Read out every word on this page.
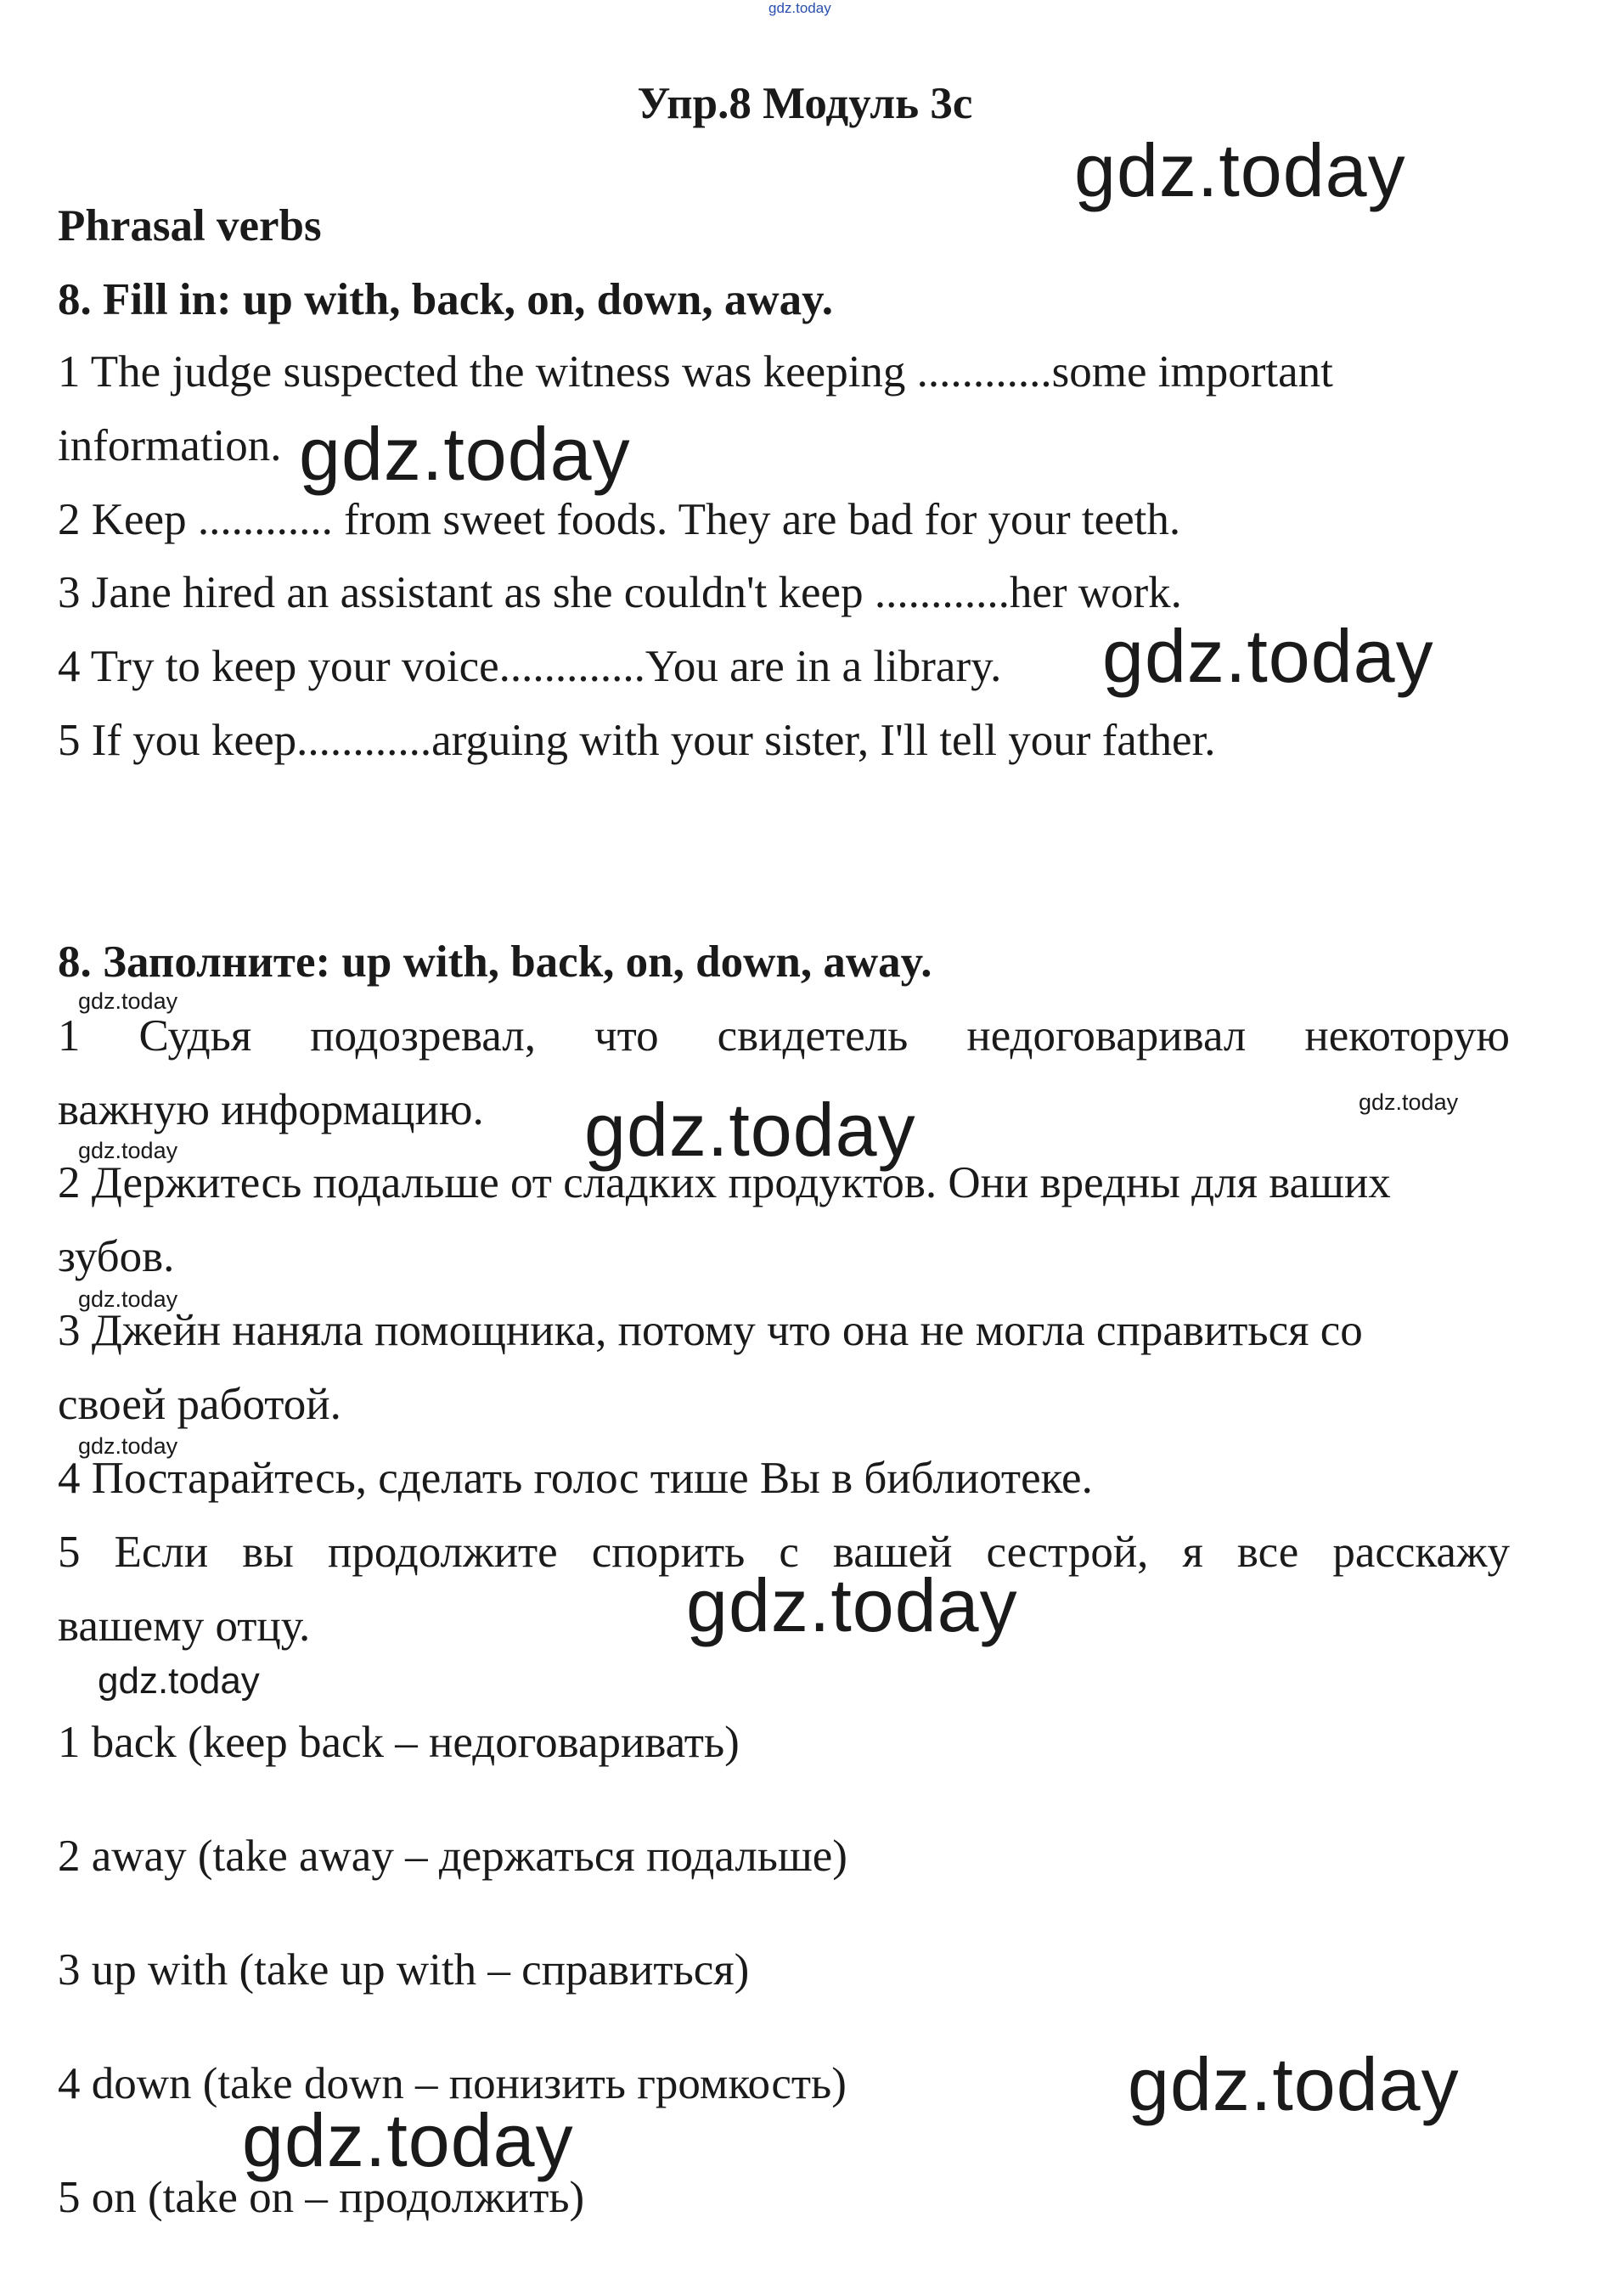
gdz.today
Упр.8 Модуль 3с
Phrasal verbs
8. Fill in: up with, back, on, down, away.
1 The judge suspected the witness was keeping ............some important
information.
2 Keep ............ from sweet foods. They are bad for your teeth.
3 Jane hired an assistant as she couldn't keep ............her work.
4 Try to keep your voice.............You are in a library.
5 If you keep............arguing with your sister, I'll tell your father.
8. Заполните: up with, back, on, down, away.
1 Судья подозревал, что свидетель недоговаривал некоторую
важную информацию.
2 Держитесь подальше от сладких продуктов. Они вредны для ваших
зубов.
3 Джейн наняла помощника, потому что она не могла справиться со
своей работой.
4 Постарайтесь, сделать голос тише Вы в библиотеке.
5 Если вы продолжите спорить с вашей сестрой, я все расскажу
вашему отцу.
1 back (keep back – недоговаривать)
2 away (take away – держаться подальше)
3 up with (take up with – справиться)
4 down (take down – понизить громкость)
5 on (take on – продолжить)
gdz.today
gdz.today
gdz.today
gdz.today
gdz.today
gdz.today
gdz.today
gdz.today
gdz.today
gdz.today
gdz.today
gdz.today
gdz.today
